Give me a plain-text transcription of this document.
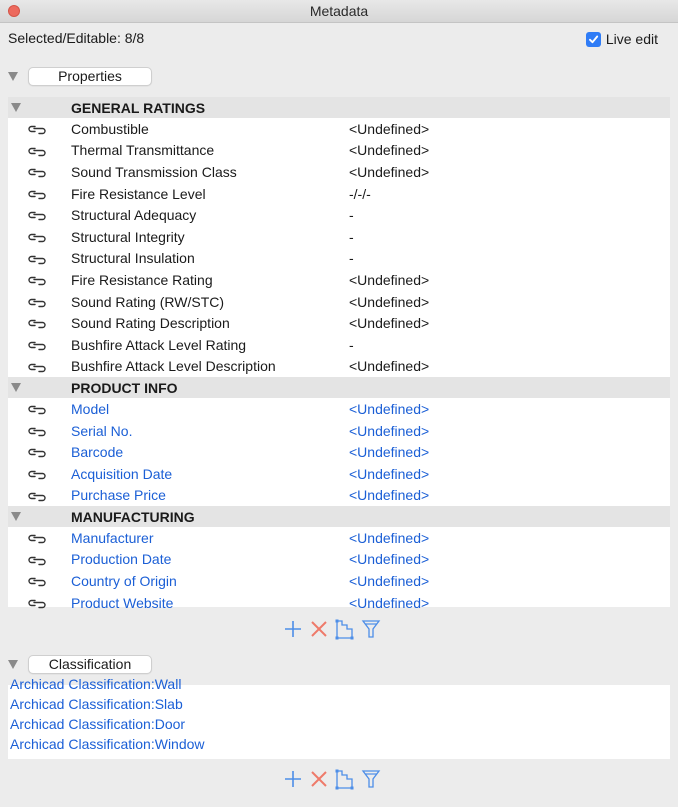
Metadata
Selected/Editable: 8/8	Live edit
Properties
GENERAL RATINGS
Combustible	<Undefined>
Thermal Transmittance	<Undefined>
Sound Transmission Class	<Undefined>
Fire Resistance Level	-/-/-
Structural Adequacy	-
Structural Integrity	-
Structural Insulation	-
Fire Resistance Rating	<Undefined>
Sound Rating (RW/STC)	<Undefined>
Sound Rating Description	<Undefined>
Bushfire Attack Level Rating	-
Bushfire Attack Level Description	<Undefined>
PRODUCT INFO
Model	<Undefined>
Serial No.	<Undefined>
Barcode	<Undefined>
Acquisition Date	<Undefined>
Purchase Price	<Undefined>
MANUFACTURING
Manufacturer	<Undefined>
Production Date	<Undefined>
Country of Origin	<Undefined>
Product Website	<Undefined>
Classification
Archicad Classification:Wall
Archicad Classification:Slab
Archicad Classification:Door
Archicad Classification:Window
